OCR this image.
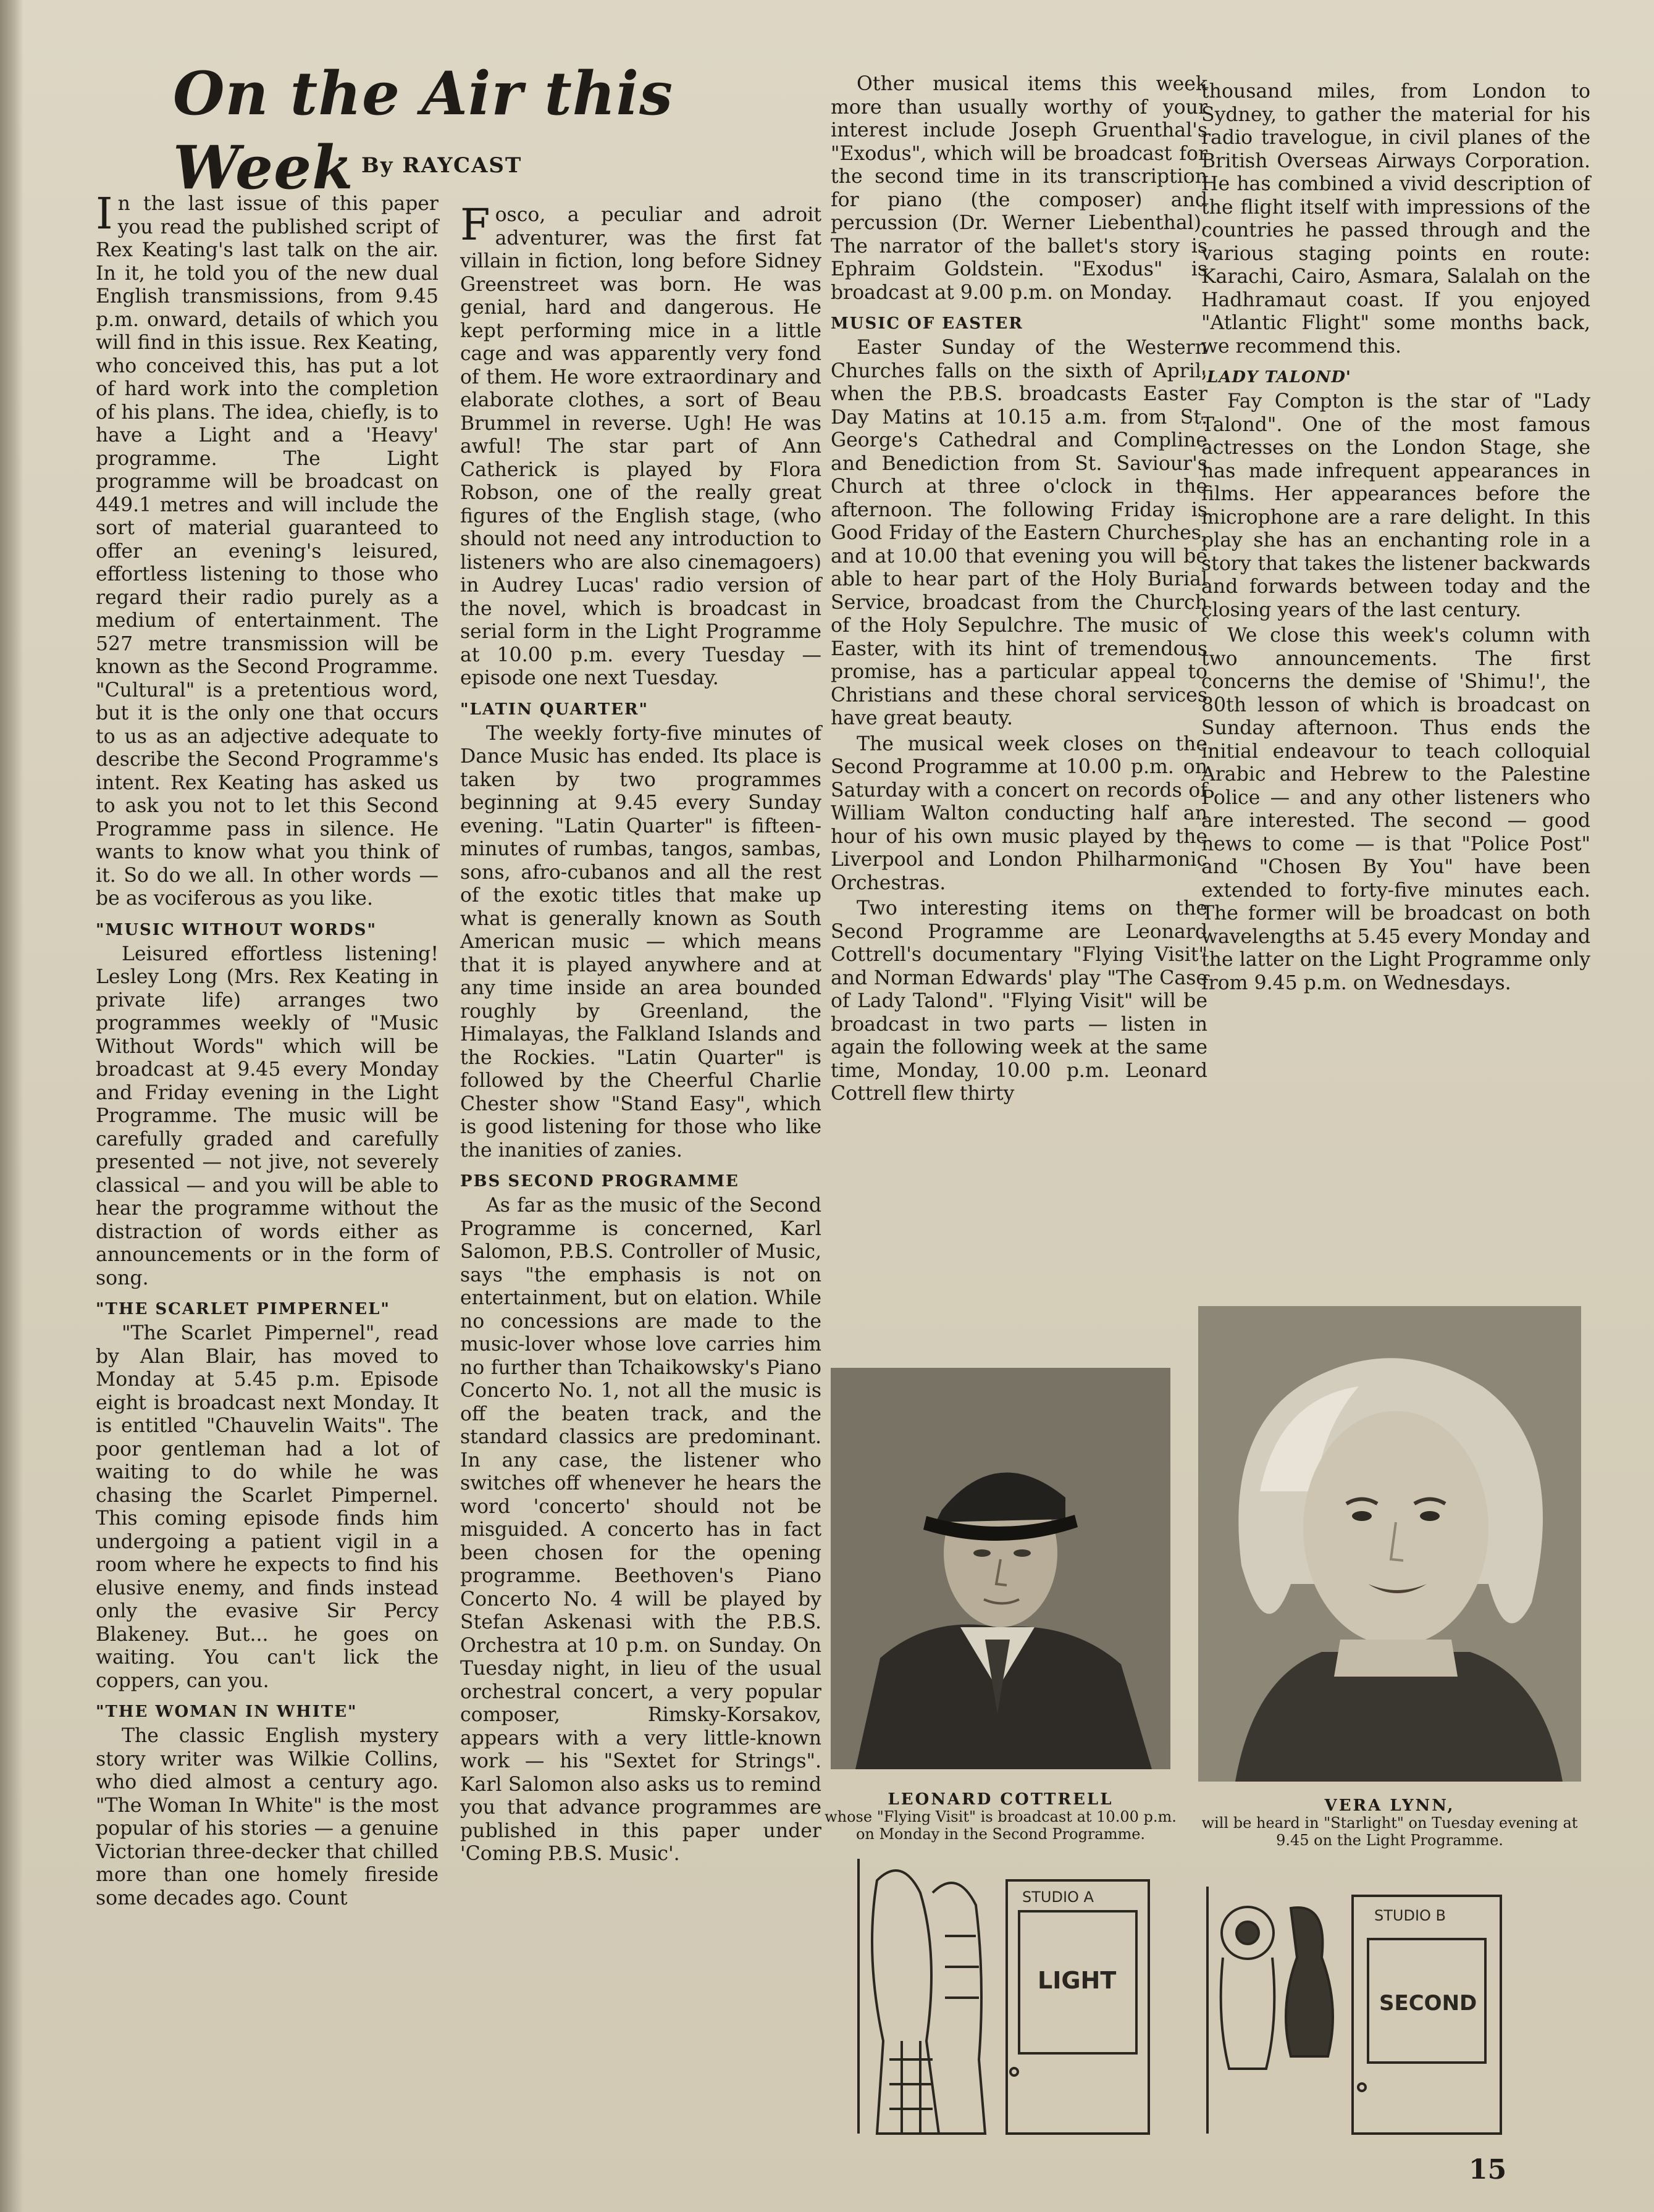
On the Air this Week By RAYCAST

In the last issue of this paper you read the published script of Rex Keating's last talk on the air. In it, he told you of the new dual English transmissions, from 9.45 p.m. onward, details of which you will find in this issue. Rex Keating, who conceived this, has put a lot of hard work into the completion of his plans. The idea, chiefly, is to have a Light and a 'Heavy' programme. The Light programme will be broadcast on 449.1 metres and will include the sort of material guaranteed to offer an evening's leisured, effortless listening to those who regard their radio purely as a medium of entertainment. The 527 metre transmission will be known as the Second Programme. "Cultural" is a pretentious word, but it is the only one that occurs to us as an adjective adequate to describe the Second Programme's intent. Rex Keating has asked us to ask you not to let this Second Programme pass in silence. He wants to know what you think of it. So do we all. In other words — be as vociferous as you like.

"MUSIC WITHOUT WORDS"

Leisured effortless listening! Lesley Long (Mrs. Rex Keating in private life) arranges two programmes weekly of "Music Without Words" which will be broadcast at 9.45 every Monday and Friday evening in the Light Programme. The music will be carefully graded and carefully presented — not jive, not severely classical — and you will be able to hear the programme without the distraction of words either as announcements or in the form of song.

"THE SCARLET PIMPERNEL"

"The Scarlet Pimpernel", read by Alan Blair, has moved to Monday at 5.45 p.m. Episode eight is broadcast next Monday. It is entitled "Chauvelin Waits". The poor gentleman had a lot of waiting to do while he was chasing the Scarlet Pimpernel. This coming episode finds him undergoing a patient vigil in a room where he expects to find his elusive enemy, and finds instead only the evasive Sir Percy Blakeney. But... he goes on waiting. You can't lick the coppers, can you.

"THE WOMAN IN WHITE"

The classic English mystery story writer was Wilkie Collins, who died almost a century ago. "The Woman In White" is the most popular of his stories — a genuine Victorian three-decker that chilled more than one homely fireside some decades ago. Count

Fosco, a peculiar and adroit adventurer, was the first fat villain in fiction, long before Sidney Greenstreet was born. He was genial, hard and dangerous. He kept performing mice in a little cage and was apparently very fond of them. He wore extraordinary and elaborate clothes, a sort of Beau Brummel in reverse. Ugh! He was awful! The star part of Ann Catherick is played by Flora Robson, one of the really great figures of the English stage, (who should not need any introduction to listeners who are also cinemagoers) in Audrey Lucas' radio version of the novel, which is broadcast in serial form in the Light Programme at 10.00 p.m. every Tuesday — episode one next Tuesday.

"LATIN QUARTER"

The weekly forty-five minutes of Dance Music has ended. Its place is taken by two programmes beginning at 9.45 every Sunday evening. "Latin Quarter" is fifteen-minutes of rumbas, tangos, sambas, sons, afro-cubanos and all the rest of the exotic titles that make up what is generally known as South American music — which means that it is played anywhere and at any time inside an area bounded roughly by Greenland, the Himalayas, the Falkland Islands and the Rockies. "Latin Quarter" is followed by the Cheerful Charlie Chester show "Stand Easy", which is good listening for those who like the inanities of zanies.

PBS SECOND PROGRAMME

As far as the music of the Second Programme is concerned, Karl Salomon, P.B.S. Controller of Music, says "the emphasis is not on entertainment, but on elation. While no concessions are made to the music-lover whose love carries him no further than Tchaikowsky's Piano Concerto No. 1, not all the music is off the beaten track, and the standard classics are predominant. In any case, the listener who switches off whenever he hears the word 'concerto' should not be misguided. A concerto has in fact been chosen for the opening programme. Beethoven's Piano Concerto No. 4 will be played by Stefan Askenasi with the P.B.S. Orchestra at 10 p.m. on Sunday. On Tuesday night, in lieu of the usual orchestral concert, a very popular composer, Rimsky-Korsakov, appears with a very little-known work — his "Sextet for Strings". Karl Salomon also asks us to remind you that advance programmes are published in this paper under 'Coming P.B.S. Music'.

Other musical items this week more than usually worthy of your interest include Joseph Gruenthal's "Exodus", which will be broadcast for the second time in its transcription for piano (the composer) and percussion (Dr. Werner Liebenthal). The narrator of the ballet's story is Ephraim Goldstein. "Exodus" is broadcast at 9.00 p.m. on Monday.

MUSIC OF EASTER

Easter Sunday of the Western Churches falls on the sixth of April, when the P.B.S. broadcasts Easter Day Matins at 10.15 a.m. from St. George's Cathedral and Compline and Benediction from St. Saviour's Church at three o'clock in the afternoon. The following Friday is Good Friday of the Eastern Churches, and at 10.00 that evening you will be able to hear part of the Holy Burial Service, broadcast from the Church of the Holy Sepulchre. The music of Easter, with its hint of tremendous promise, has a particular appeal to Christians and these choral services have great beauty.

The musical week closes on the Second Programme at 10.00 p.m. on Saturday with a concert on records of William Walton conducting half an hour of his own music played by the Liverpool and London Philharmonic Orchestras.

Two interesting items on the Second Programme are Leonard Cottrell's documentary "Flying Visit" and Norman Edwards' play "The Case of Lady Talond". "Flying Visit" will be broadcast in two parts — listen in again the following week at the same time, Monday, 10.00 p.m. Leonard Cottrell flew thirty

thousand miles, from London to Sydney, to gather the material for his radio travelogue, in civil planes of the British Overseas Airways Corporation. He has combined a vivid description of the flight itself with impressions of the countries he passed through and the various staging points en route: Karachi, Cairo, Asmara, Salalah on the Hadhramaut coast. If you enjoyed "Atlantic Flight" some months back, we recommend this.

'LADY TALOND'

Fay Compton is the star of "Lady Talond". One of the most famous actresses on the London Stage, she has made infrequent appearances in films. Her appearances before the microphone are a rare delight. In this play she has an enchanting role in a story that takes the listener backwards and forwards between today and the closing years of the last century.

We close this week's column with two announcements. The first concerns the demise of 'Shimu!', the 80th lesson of which is broadcast on Sunday afternoon. Thus ends the initial endeavour to teach colloquial Arabic and Hebrew to the Palestine Police — and any other listeners who are interested. The second — good news to come — is that "Police Post" and "Chosen By You" have been extended to forty-five minutes each. The former will be broadcast on both wavelengths at 5.45 every Monday and the latter on the Light Programme only from 9.45 p.m. on Wednesdays.

LEONARD COTTRELL
whose "Flying Visit" is broadcast at 10.00 p.m. on Monday in the Second Programme.
VERA LYNN,
will be heard in "Starlight" on Tuesday evening at 9.45 on the Light Programme.
STUDIO A
LIGHT
STUDIO B
SECOND
15
